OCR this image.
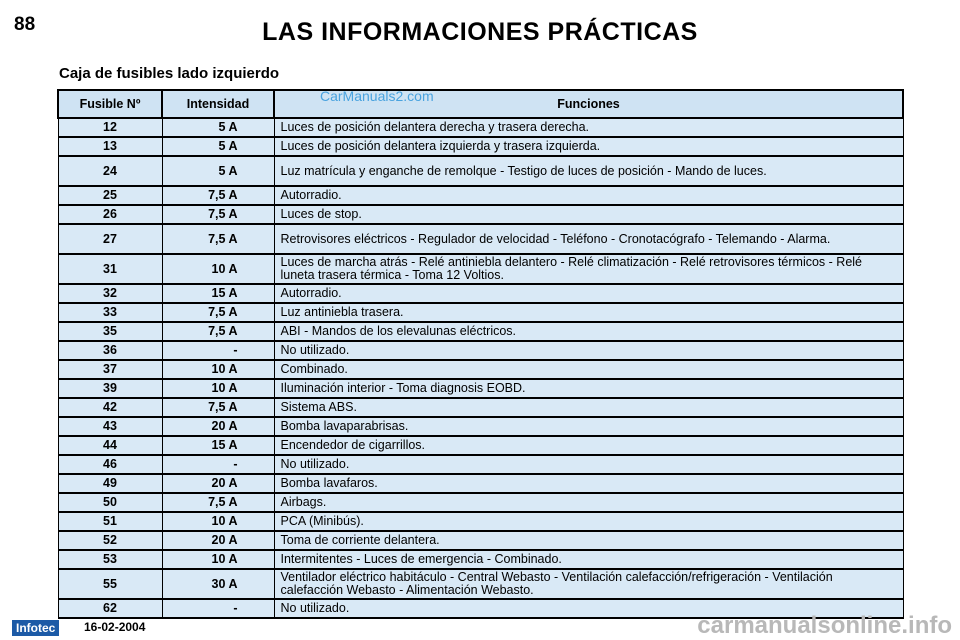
88	LAS INFORMACIONES PRÁCTICAS
Caja de fusibles lado izquierdo
CarManuals2.com
Fusible Nº	Intensidad	Funciones
12	5 A	Luces de posición delantera derecha y trasera derecha.
13	5 A	Luces de posición delantera izquierda y trasera izquierda.
24	5 A	Luz matrícula y enganche de remolque - Testigo de luces de posición - Mando de luces.
25	7,5 A	Autorradio.
26	7,5 A	Luces de stop.
27	7,5 A	Retrovisores eléctricos - Regulador de velocidad - Teléfono - Cronotacógrafo - Telemando - Alarma.
31	10 A	Luces de marcha atrás - Relé antiniebla delantero - Relé climatización - Relé retrovisores térmicos - Relé luneta trasera térmica - Toma 12 Voltios.
32	15 A	Autorradio.
33	7,5 A	Luz antiniebla trasera.
35	7,5 A	ABI - Mandos de los elevalunas eléctricos.
36	-	No utilizado.
37	10 A	Combinado.
39	10 A	Iluminación interior - Toma diagnosis EOBD.
42	7,5 A	Sistema ABS.
43	20 A	Bomba lavaparabrisas.
44	15 A	Encendedor de cigarrillos.
46	-	No utilizado.
49	20 A	Bomba lavafaros.
50	7,5 A	Airbags.
51	10 A	PCA (Minibús).
52	20 A	Toma de corriente delantera.
53	10 A	Intermitentes - Luces de emergencia - Combinado.
55	30 A	Ventilador eléctrico habitáculo - Central Webasto - Ventilación calefacción/refrigeración - Ventilación calefacción Webasto - Alimentación Webasto.
62	-	No utilizado.
Infotec	16-02-2004	carmanualsonline.info
